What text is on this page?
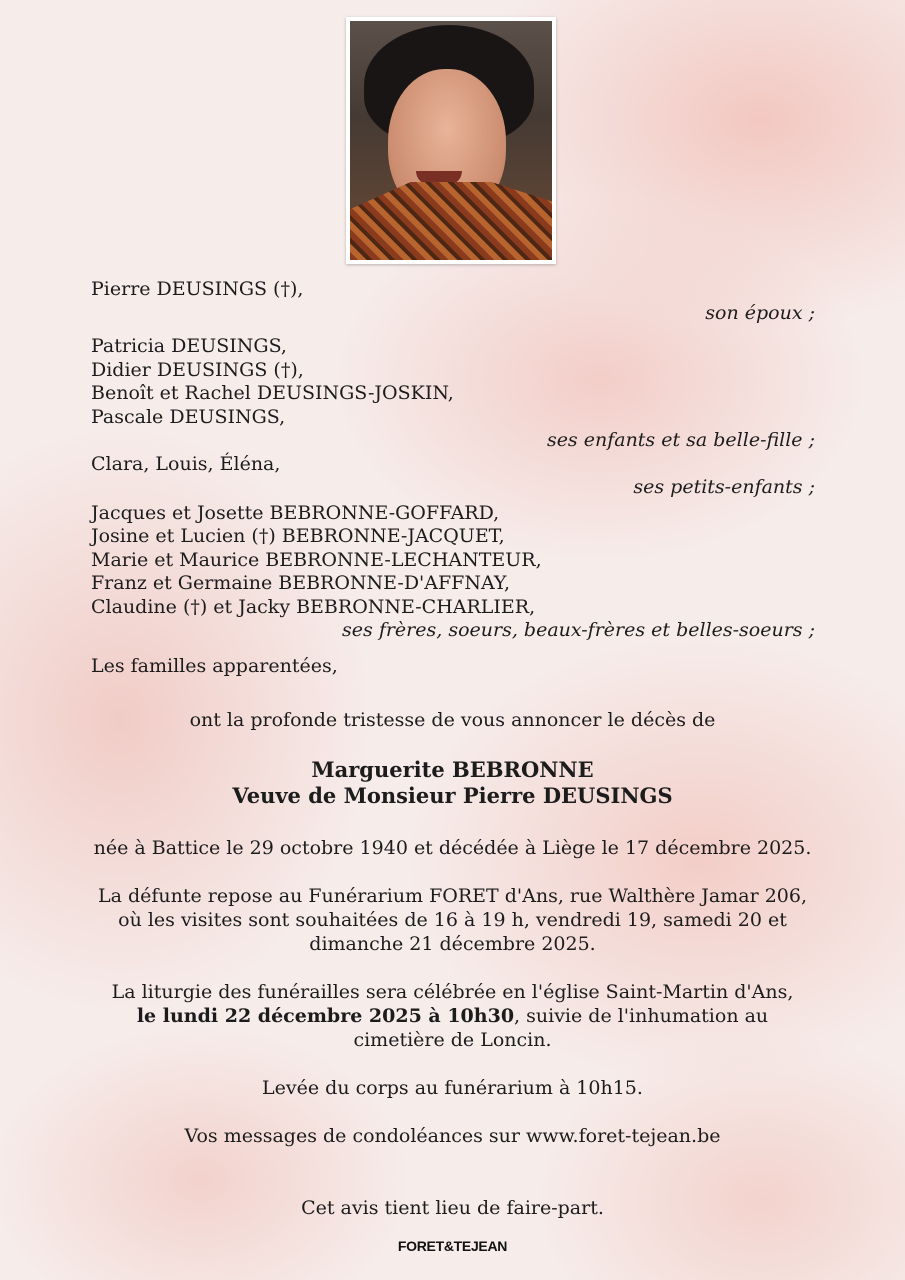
Pierre DEUSINGS (†),
son époux ;
Patricia DEUSINGS,
Didier DEUSINGS (†),
Benoît et Rachel DEUSINGS-JOSKIN,
Pascale DEUSINGS,
ses enfants et sa belle-fille ;
Clara, Louis, Éléna,
ses petits-enfants ;
Jacques et Josette BEBRONNE-GOFFARD,
Josine et Lucien (†) BEBRONNE-JACQUET,
Marie et Maurice BEBRONNE-LECHANTEUR,
Franz et Germaine BEBRONNE-D'AFFNAY,
Claudine (†) et Jacky BEBRONNE-CHARLIER,
ses frères, soeurs, beaux-frères et belles-soeurs ;
Les familles apparentées,
ont la profonde tristesse de vous annoncer le décès de
Marguerite BEBRONNE
Veuve de Monsieur Pierre DEUSINGS
née à Battice le 29 octobre 1940 et décédée à Liège le 17 décembre 2025.
La défunte repose au Funérarium FORET d'Ans, rue Walthère Jamar 206,
où les visites sont souhaitées de 16 à 19 h, vendredi 19, samedi 20 et
dimanche 21 décembre 2025.
La liturgie des funérailles sera célébrée en l'église Saint-Martin d'Ans,
le lundi 22 décembre 2025 à 10h30, suivie de l'inhumation au
cimetière de Loncin.
Levée du corps au funérarium à 10h15.
Vos messages de condoléances sur www.foret-tejean.be
Cet avis tient lieu de faire-part.
FORET&TEJEAN
